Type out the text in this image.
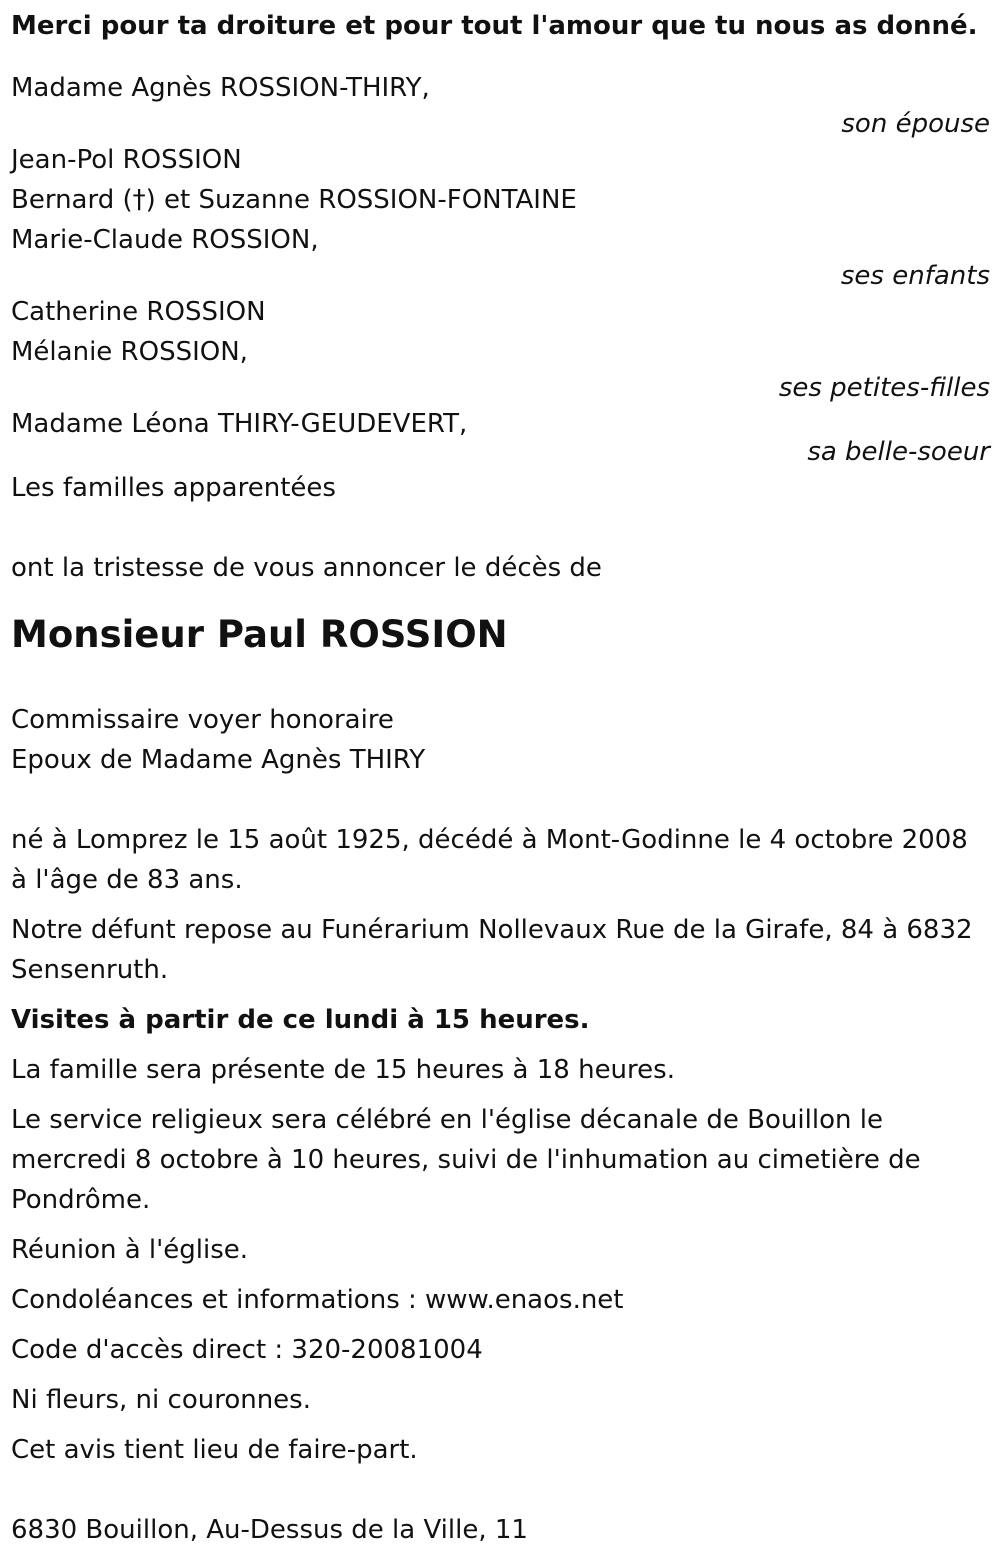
Merci pour ta droiture et pour tout l'amour que tu nous as donné.

Madame Agnès ROSSION-THIRY,

son épouse

Jean-Pol ROSSION

Bernard (†) et Suzanne ROSSION-FONTAINE

Marie-Claude ROSSION,

ses enfants

Catherine ROSSION

Mélanie ROSSION,

ses petites-filles

Madame Léona THIRY-GEUDEVERT,

sa belle-soeur

Les familles apparentées

ont la tristesse de vous annoncer le décès de

Monsieur Paul ROSSION

Commissaire voyer honoraire

Epoux de Madame Agnès THIRY

né à Lomprez le 15 août 1925, décédé à Mont-Godinne le 4 octobre 2008 à l'âge de 83 ans.

Notre défunt repose au Funérarium Nollevaux Rue de la Girafe, 84 à 6832 Sensenruth.

Visites à partir de ce lundi à 15 heures.

La famille sera présente de 15 heures à 18 heures.

Le service religieux sera célébré en l'église décanale de Bouillon le mercredi 8 octobre à 10 heures, suivi de l'inhumation au cimetière de Pondrôme.

Réunion à l'église.

Condoléances et informations : www.enaos.net

Code d'accès direct : 320-20081004

Ni fleurs, ni couronnes.

Cet avis tient lieu de faire-part.

6830 Bouillon, Au-Dessus de la Ville, 11
